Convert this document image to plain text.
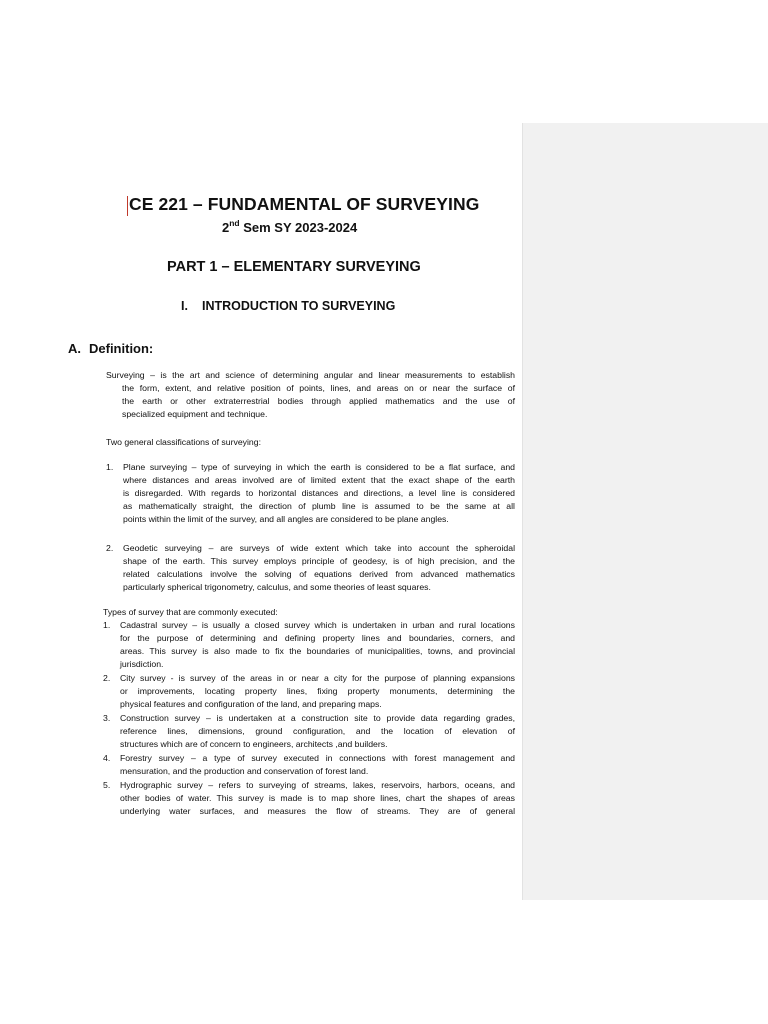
CE 221 – FUNDAMENTAL OF SURVEYING
2nd Sem SY 2023-2024
PART 1 – ELEMENTARY SURVEYING
I. INTRODUCTION TO SURVEYING
A. Definition:
Surveying – is the art and science of determining angular and linear measurements to establish
the form, extent, and relative position of points, lines, and areas on or near the surface of
the earth or other extraterrestrial bodies through applied mathematics and the use of
specialized equipment and technique.
Two general classifications of surveying:
1. Plane surveying – type of surveying in which the earth is considered to be a flat surface, and
where distances and areas involved are of limited extent that the exact shape of the earth
is disregarded. With regards to horizontal distances and directions, a level line is considered
as mathematically straight, the direction of plumb line is assumed to be the same at all
points within the limit of the survey, and all angles are considered to be plane angles.
2. Geodetic surveying – are surveys of wide extent which take into account the spheroidal
shape of the earth. This survey employs principle of geodesy, is of high precision, and the
related calculations involve the solving of equations derived from advanced mathematics
particularly spherical trigonometry, calculus, and some theories of least squares.
Types of survey that are commonly executed:
1. Cadastral survey – is usually a closed survey which is undertaken in urban and rural locations
for the purpose of determining and defining property lines and boundaries, corners, and
areas. This survey is also made to fix the boundaries of municipalities, towns, and provincial
jurisdiction.
2. City survey - is survey of the areas in or near a city for the purpose of planning expansions
or improvements, locating property lines, fixing property monuments, determining the
physical features and configuration of the land, and preparing maps.
3. Construction survey – is undertaken at a construction site to provide data regarding grades,
reference lines, dimensions, ground configuration, and the location of elevation of
structures which are of concern to engineers, architects ,and builders.
4. Forestry survey – a type of survey executed in connections with forest management and
mensuration, and the production and conservation of forest land.
5. Hydrographic survey – refers to surveying of streams, lakes, reservoirs, harbors, oceans, and
other bodies of water. This survey is made is to map shore lines, chart the shapes of areas
underlying water surfaces, and measures the flow of streams. They are of general
